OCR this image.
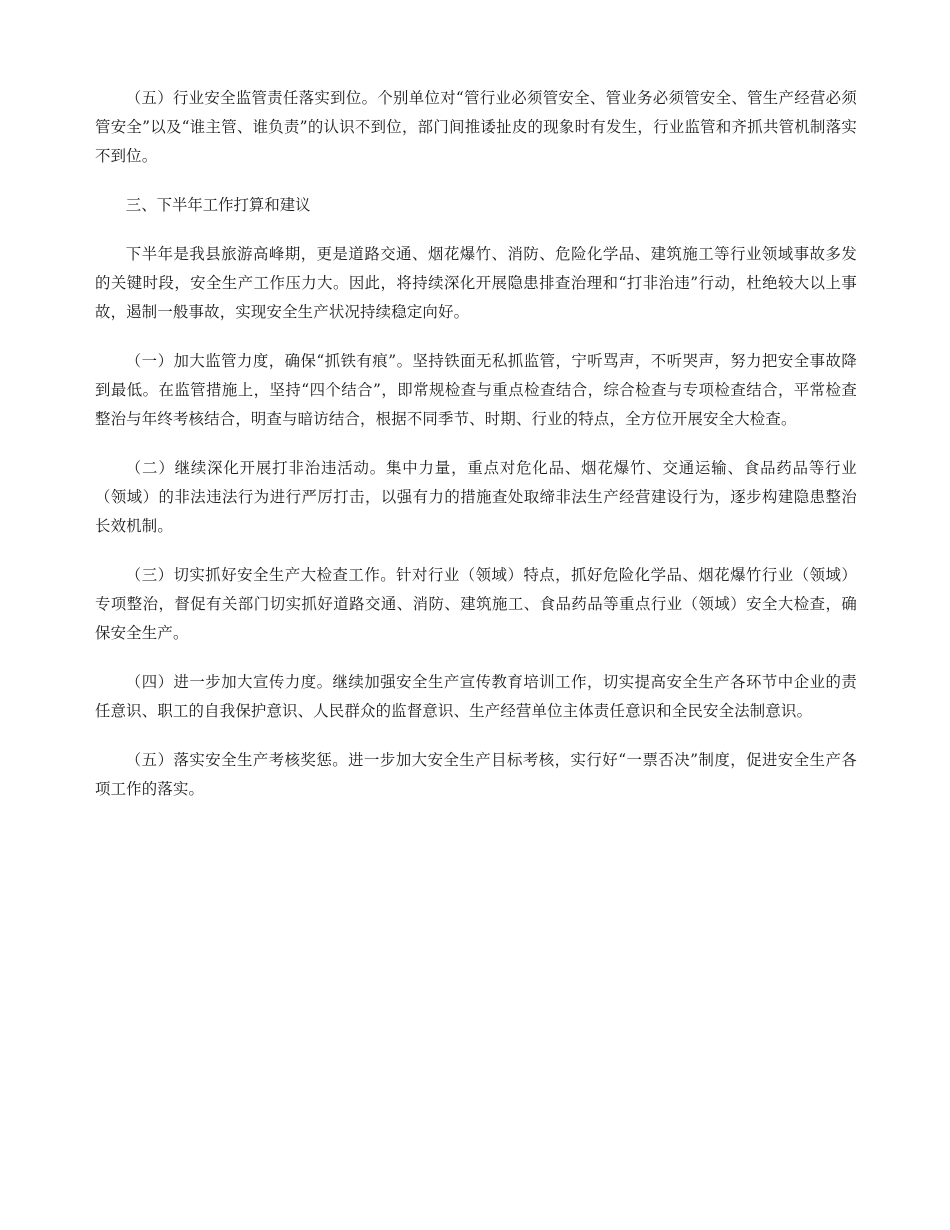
（五）行业安全监管责任落实到位。个别单位对“管行业必须管安全、管业务必须管安全、管生产经营必须管安全”以及“谁主管、谁负责”的认识不到位，部门间推诿扯皮的现象时有发生，行业监管和齐抓共管机制落实不到位。

三、下半年工作打算和建议

下半年是我县旅游高峰期，更是道路交通、烟花爆竹、消防、危险化学品、建筑施工等行业领域事故多发的关键时段，安全生产工作压力大。因此，将持续深化开展隐患排查治理和“打非治违”行动，杜绝较大以上事故，遏制一般事故，实现安全生产状况持续稳定向好。

（一）加大监管力度，确保“抓铁有痕”。坚持铁面无私抓监管，宁听骂声，不听哭声，努力把安全事故降到最低。在监管措施上，坚持“四个结合”，即常规检查与重点检查结合，综合检查与专项检查结合，平常检查整治与年终考核结合，明查与暗访结合，根据不同季节、时期、行业的特点，全方位开展安全大检查。

（二）继续深化开展打非治违活动。集中力量，重点对危化品、烟花爆竹、交通运输、食品药品等行业（领域）的非法违法行为进行严厉打击，以强有力的措施查处取缔非法生产经营建设行为，逐步构建隐患整治长效机制。

（三）切实抓好安全生产大检查工作。针对行业（领域）特点，抓好危险化学品、烟花爆竹行业（领域）专项整治，督促有关部门切实抓好道路交通、消防、建筑施工、食品药品等重点行业（领域）安全大检查，确保安全生产。

（四）进一步加大宣传力度。继续加强安全生产宣传教育培训工作，切实提高安全生产各环节中企业的责任意识、职工的自我保护意识、人民群众的监督意识、生产经营单位主体责任意识和全民安全法制意识。

（五）落实安全生产考核奖惩。进一步加大安全生产目标考核，实行好“一票否决”制度，促进安全生产各项工作的落实。
